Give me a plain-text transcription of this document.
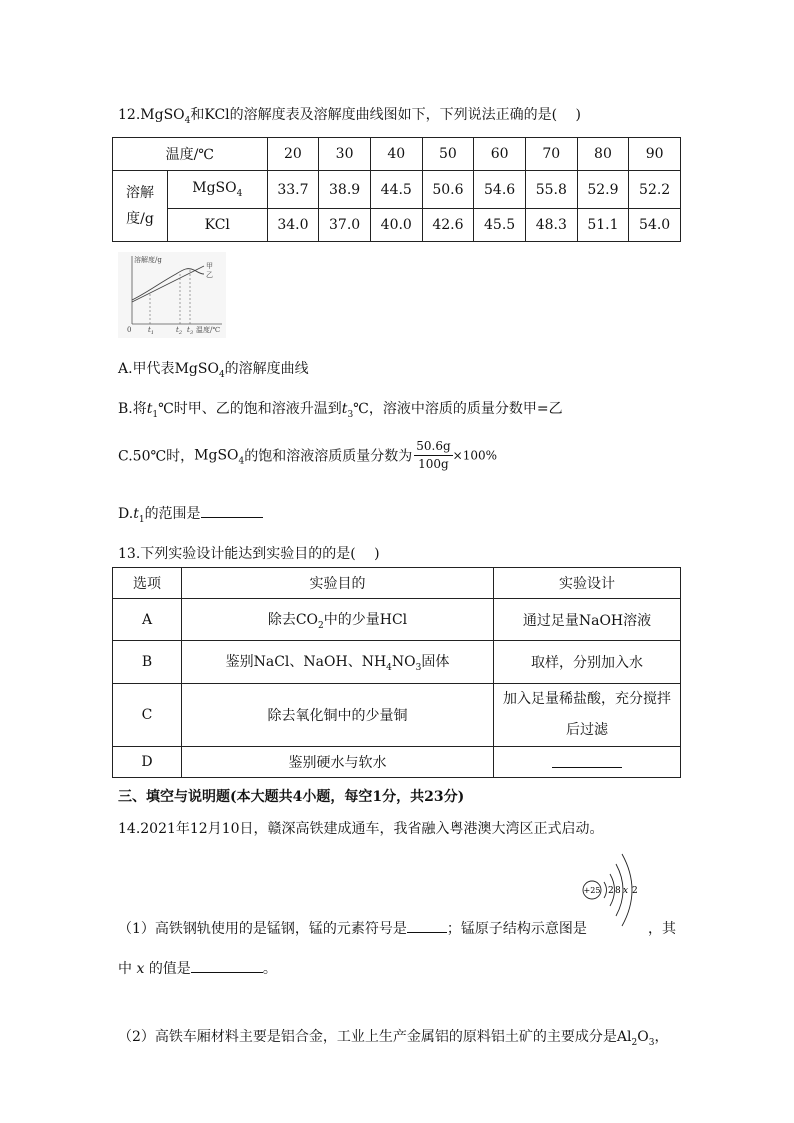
12.MgSO$_4$和KCl的溶解度表及溶解度曲线图如下，下列说法正确的是(　 )
温度/℃		20	30	40	50	60	70	80	90

溶解
度/g	MgSO$_4$	33.7	38.9	44.5	50.6	54.6	55.8	52.9	52.2
	KCl	34.0	37.0	40.0	42.6	45.5	48.3	51.1	54.0
溶解度/g
甲
乙
0 $t_1$	$t_2$ $t_3$ 温度/℃
A.甲代表MgSO$_4$的溶解度曲线
B.将$t_1℃$时甲、乙的饱和溶液升温到$t_3℃$，溶液中溶质的质量分数甲=乙
C.50℃时，MgSO$_4$的饱和溶液溶质质量分数为 $\frac{50.6g}{100g} \times 100\%$
$D.t_1$的范围是
13.下列实验设计能达到实验目的的是(　 )
选项	实验目的	实验设计
A	除去$CO_2$中的少量HCl	通过足量NaOH溶液
B	鉴别NaCl、NaOH、$NH_4NO_3$固体	取样，分别加入水
C	除去氧化铜中的少量铜	加入足量稀盐酸，充分搅拌
后过滤

D	鉴别硬水与软水	
三、填空与说明题(本大题共4小题，每空1分，共23分)
14.2021年12月10日，赣深高铁建成通车，我省融入粤港澳大湾区正式启动。
+25 2 8 x 2
（1）高铁钢轨使用的是锰钢，锰的元素符号是	；锰原子结构示意图是	，其
中 x 的值是	。
（2）高铁车厢材料主要是铝合金，工业上生产金属铝的原料铝土矿的主要成分是$Al_2O_3$，
